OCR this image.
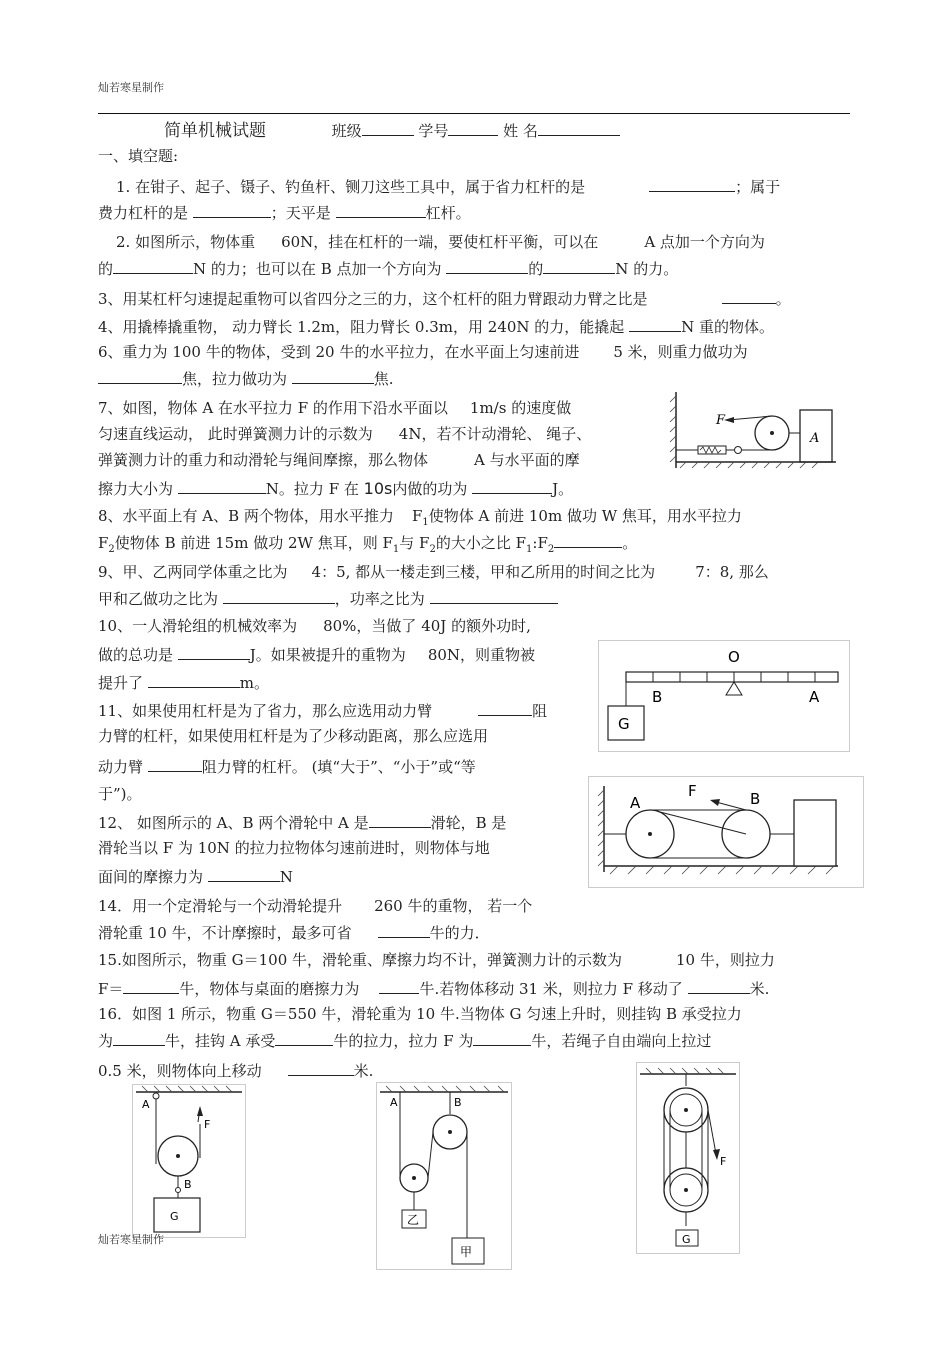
灿若寒星制作
简单机械试题	班级	学号	姓 名
一、填空题:
1. 在钳子、起子、镊子、钓鱼杆、铡刀这些工具中，属于省力杠杆的是	；属于
费力杠杆的是	；天平是	杠杆。
2. 如图所示，物体重 60N，挂在杠杆的一端，要使杠杆平衡，可以在	A 点加一个方向为
的	N 的力；也可以在 B 点加一个方向为	的	N 的力。
3、用某杠杆匀速提起重物可以省四分之三的力，这个杠杆的阻力臂跟动力臂之比是	。
4、用撬棒撬重物， 动力臂长 1.2m，阻力臂长 0.3m，用 240N 的力，能撬起	N 重的物体。
6、重力为 100 牛的物体，受到 20 牛的水平拉力，在水平面上匀速前进 5 米，则重力做功为
焦，拉力做功为	焦.
7、如图，物体 A 在水平拉力 F 的作用下沿水平面以 1m/s 的速度做
匀速直线运动， 此时弹簧测力计的示数为 4N，若不计动滑轮、 绳子、
弹簧测力计的重力和动滑轮与绳间摩擦，那么物体	A 与水平面的摩
擦力大小为	N。拉力 F 在 10s内做的功为	J。
F
A
8、水平面上有 A、B 两个物体，用水平推力 $F_1$使物体 A 前进 10m 做功 W 焦耳，用水平拉力
$F_2$使物体 B 前进 15m 做功 2W 焦耳，则 $F_1$与 $F_2$的大小之比 $F_1:F_2$	。
9、甲、乙两同学体重之比为 4：5, 都从一楼走到三楼，甲和乙所用的时间之比为	7：8, 那么
甲和乙做功之比为	，功率之比为
10、一人滑轮组的机械效率为 80%，当做了 40J 的额外功时,
做的总功是	J。如果被提升的重物为 80N，则重物被
提升了	m。
O
B	A
G
11、如果使用杠杆是为了省力，那么应选用动力臂	阻
力臂的杠杆，如果使用杠杆是为了少移动距离，那么应选用
动力臂	阻力臂的杠杆。 (填“大于”、“小于”或“等
于”)。	A
F	B
12、 如图所示的 A、B 两个滑轮中 A 是	滑轮，B 是
滑轮当以 F 为 10N 的拉力拉物体匀速前进时，则物体与地
面间的摩擦力为	N
14．用一个定滑轮与一个动滑轮提升 260 牛的重物， 若一个
滑轮重 10 牛，不计摩擦时，最多可省	牛的力．
15.如图所示，物重 G＝100 牛，滑轮重、摩擦力均不计，弹簧测力计的示数为	10 牛，则拉力
F＝	牛，物体与桌面的磨擦力为	牛.若物体移动 31 米，则拉力 F 移动了	米.
16．如图 1 所示，物重 G＝550 牛，滑轮重为 10 牛.当物体 G 匀速上升时，则挂钩 B 承受拉力
为	牛，挂钩 A 承受	牛的拉力，拉力 F 为	牛，若绳子自由端向上拉过
0.5 米，则物体向上移动	米.
A
F
B
G
灿若寒星制作
A	B
乙
甲
F
G
